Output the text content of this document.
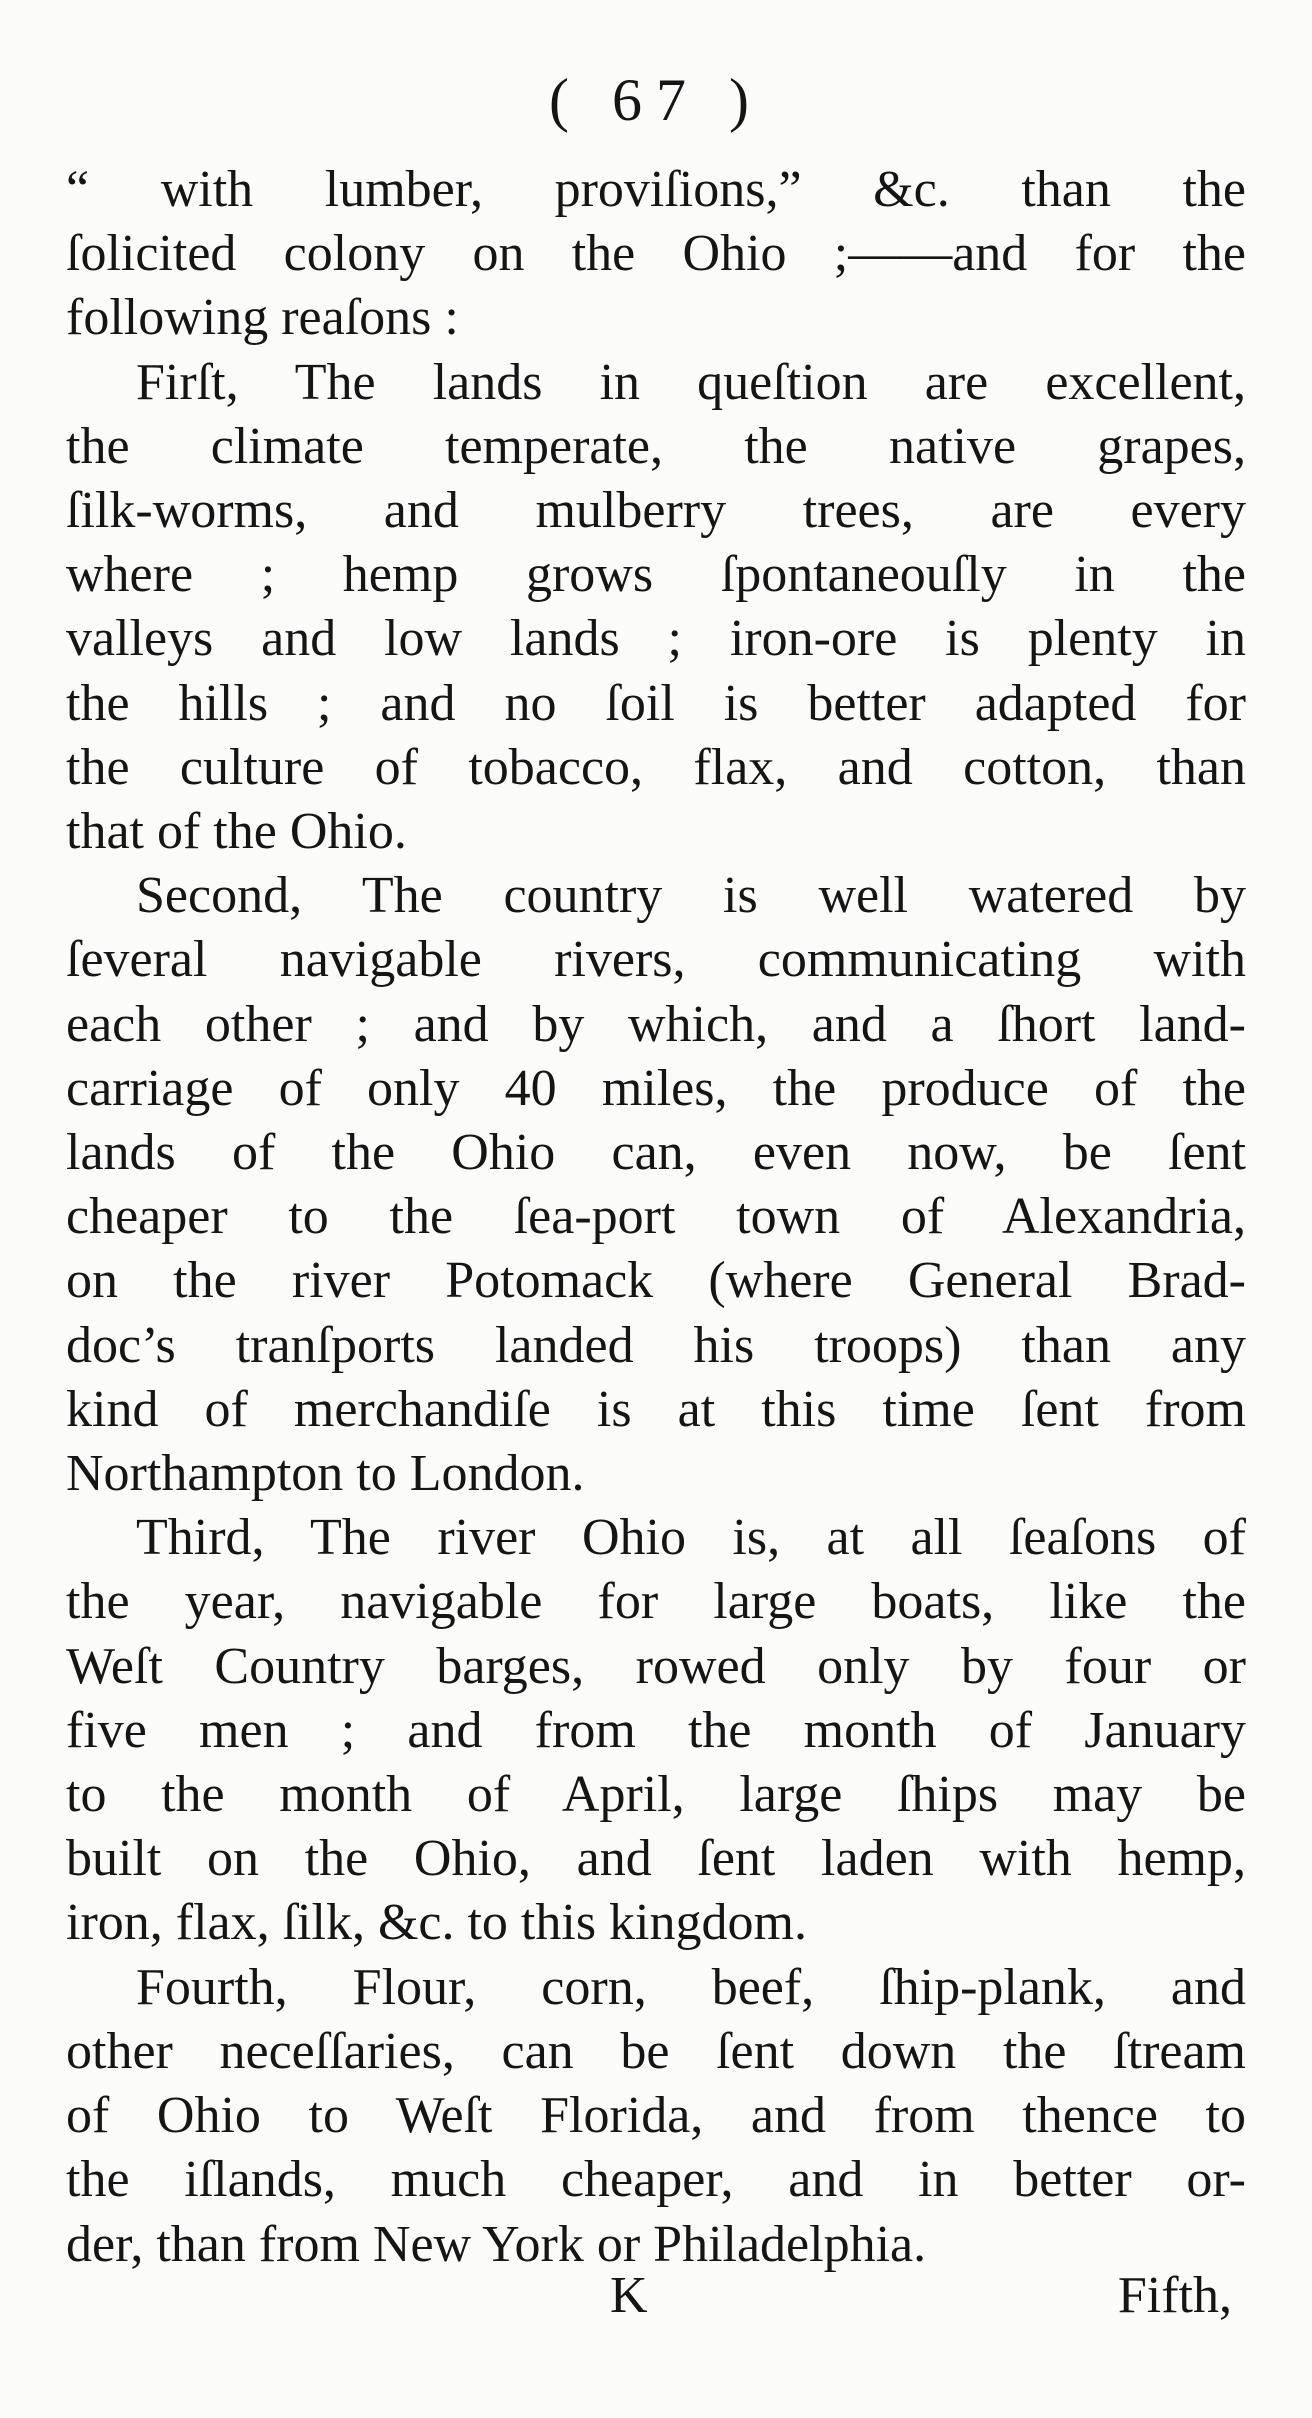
( 67 )
“ with lumber, proviſions,” &c. than the
ſolicited colony on the Ohio ;——and for the
following reaſons :
Firſt, The lands in queſtion are excellent,
the climate temperate, the native grapes,
ſilk-worms, and mulberry trees, are every
where ; hemp grows ſpontaneouſly in the
valleys and low lands ; iron-ore is plenty in
the hills ; and no ſoil is better adapted for
the culture of tobacco, flax, and cotton, than
that of the Ohio.
Second, The country is well watered by
ſeveral navigable rivers, communicating with
each other ; and by which, and a ſhort land-
carriage of only 40 miles, the produce of the
lands of the Ohio can, even now, be ſent
cheaper to the ſea-port town of Alexandria,
on the river Potomack (where General Brad-
doc’s tranſports landed his troops) than any
kind of merchandiſe is at this time ſent from
Northampton to London.
Third, The river Ohio is, at all ſeaſons of
the year, navigable for large boats, like the
Weſt Country barges, rowed only by four or
five men ; and from the month of January
to the month of April, large ſhips may be
built on the Ohio, and ſent laden with hemp,
iron, flax, ſilk, &c. to this kingdom.
Fourth, Flour, corn, beef, ſhip-plank, and
other neceſſaries, can be ſent down the ſtream
of Ohio to Weſt Florida, and from thence to
the iſlands, much cheaper, and in better or-
der, than from New York or Philadelphia.
K	Fifth,
